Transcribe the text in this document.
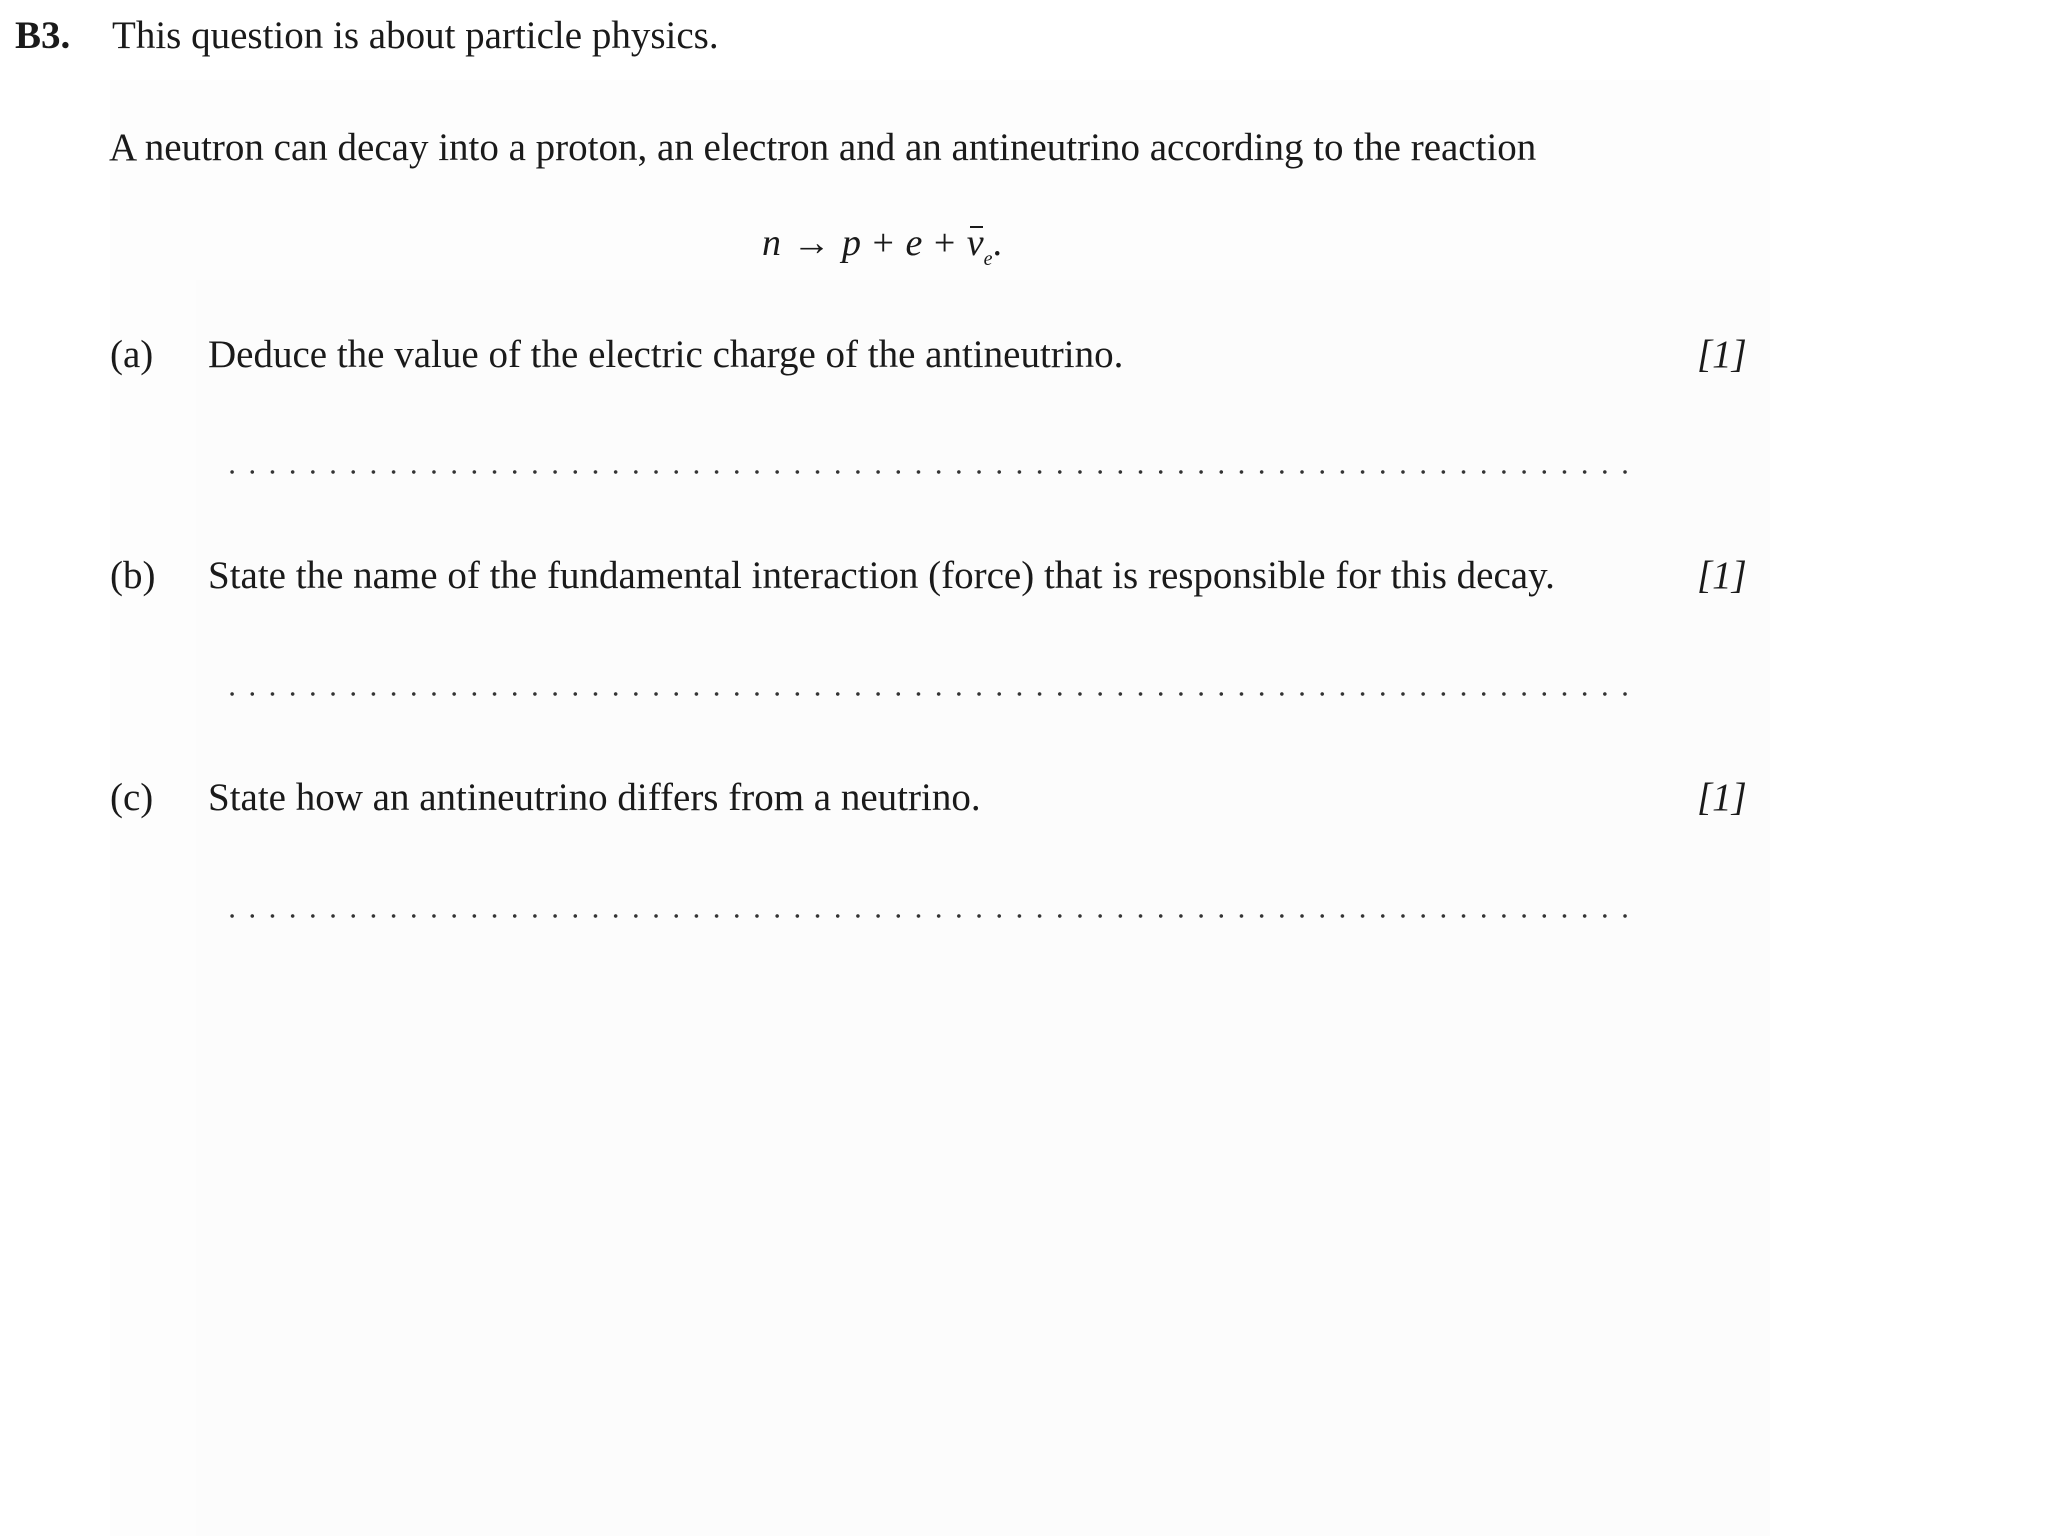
B3. This question is about particle physics.
A neutron can decay into a proton, an electron and an antineutrino according to the reaction
$n \to p + e + \nu_e$.
(a) Deduce the value of the electric charge of the antineutrino.	[1]
(b) State the name of the fundamental interaction (force) that is responsible for this decay.	[1]
(c) State how an antineutrino differs from a neutrino.	[1]
